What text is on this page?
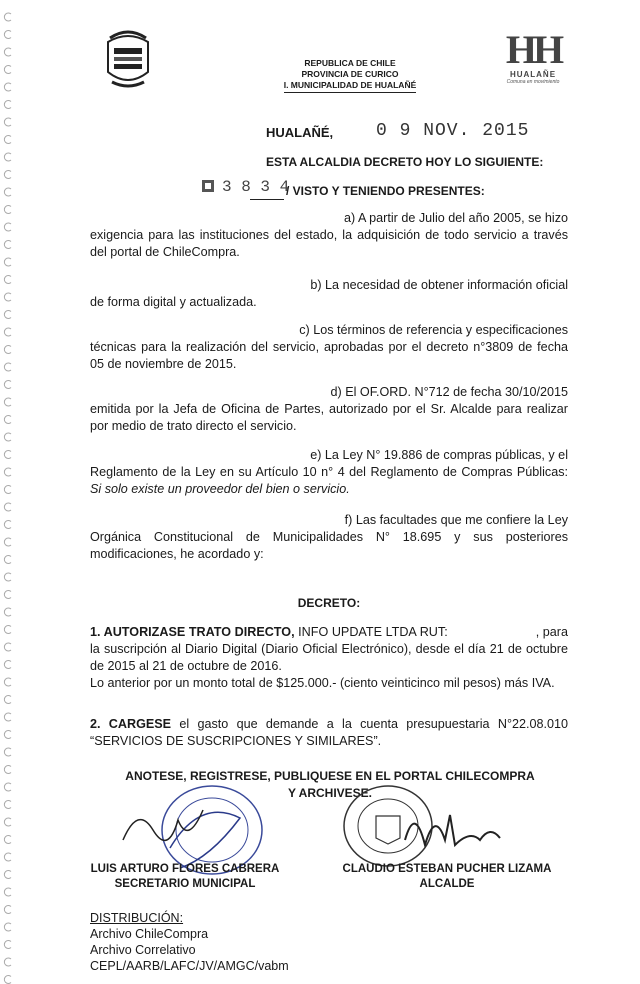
REPUBLICA DE CHILE
PROVINCIA DE CURICO
I. MUNICIPALIDAD DE HUALAÑÉ
HH
HUALAÑE
Comuna en movimiento
HUALAÑÉ, 0 9 NOV. 2015
ESTA ALCALDIA DECRETO HOY LO SIGUIENTE:
3 8 3 4
/ VISTO Y TENIENDO PRESENTES:
a) A partir de Julio del año 2005, se hizo
exigencia para las instituciones del estado, la adquisición de todo servicio a través del portal de ChileCompra.
b) La necesidad de obtener información oficial
de forma digital y actualizada.
c) Los términos de referencia y especificaciones
técnicas para la realización del servicio, aprobadas por el decreto n°3809 de fecha 05 de noviembre de 2015.
d) El OF.ORD. N°712 de fecha 30/10/2015
emitida por la Jefa de Oficina de Partes, autorizado por el Sr. Alcalde para realizar por medio de trato directo el servicio.
e) La Ley N° 19.886 de compras públicas, y el
Reglamento de la Ley en su Artículo 10 n° 4 del Reglamento de Compras Públicas: Si solo existe un proveedor del bien o servicio.
f) Las facultades que me confiere la Ley
Orgánica Constitucional de Municipalidades N° 18.695 y sus posteriores modificaciones, he acordado y:
DECRETO:
1. AUTORIZASE TRATO DIRECTO, INFO UPDATE LTDA RUT:	, para la suscripción al Diario Digital (Diario Oficial Electrónico), desde el día 21 de octubre de 2015 al 21 de octubre de 2016.
Lo anterior por un monto total de $125.000.- (ciento veinticinco mil pesos) más IVA.
2. CARGESE el gasto que demande a la cuenta presupuestaria N°22.08.010 “SERVICIOS DE SUSCRIPCIONES Y SIMILARES”.
ANOTESE, REGISTRESE, PUBLIQUESE EN EL PORTAL CHILECOMPRA Y ARCHIVESE.
LUIS ARTURO FLORES CABRERA
SECRETARIO MUNICIPAL
CLAUDIO ESTEBAN PUCHER LIZAMA
ALCALDE
DISTRIBUCIÓN:
Archivo ChileCompra
Archivo Correlativo
CEPL/AARB/LAFC/JV/AMGC/vabm
